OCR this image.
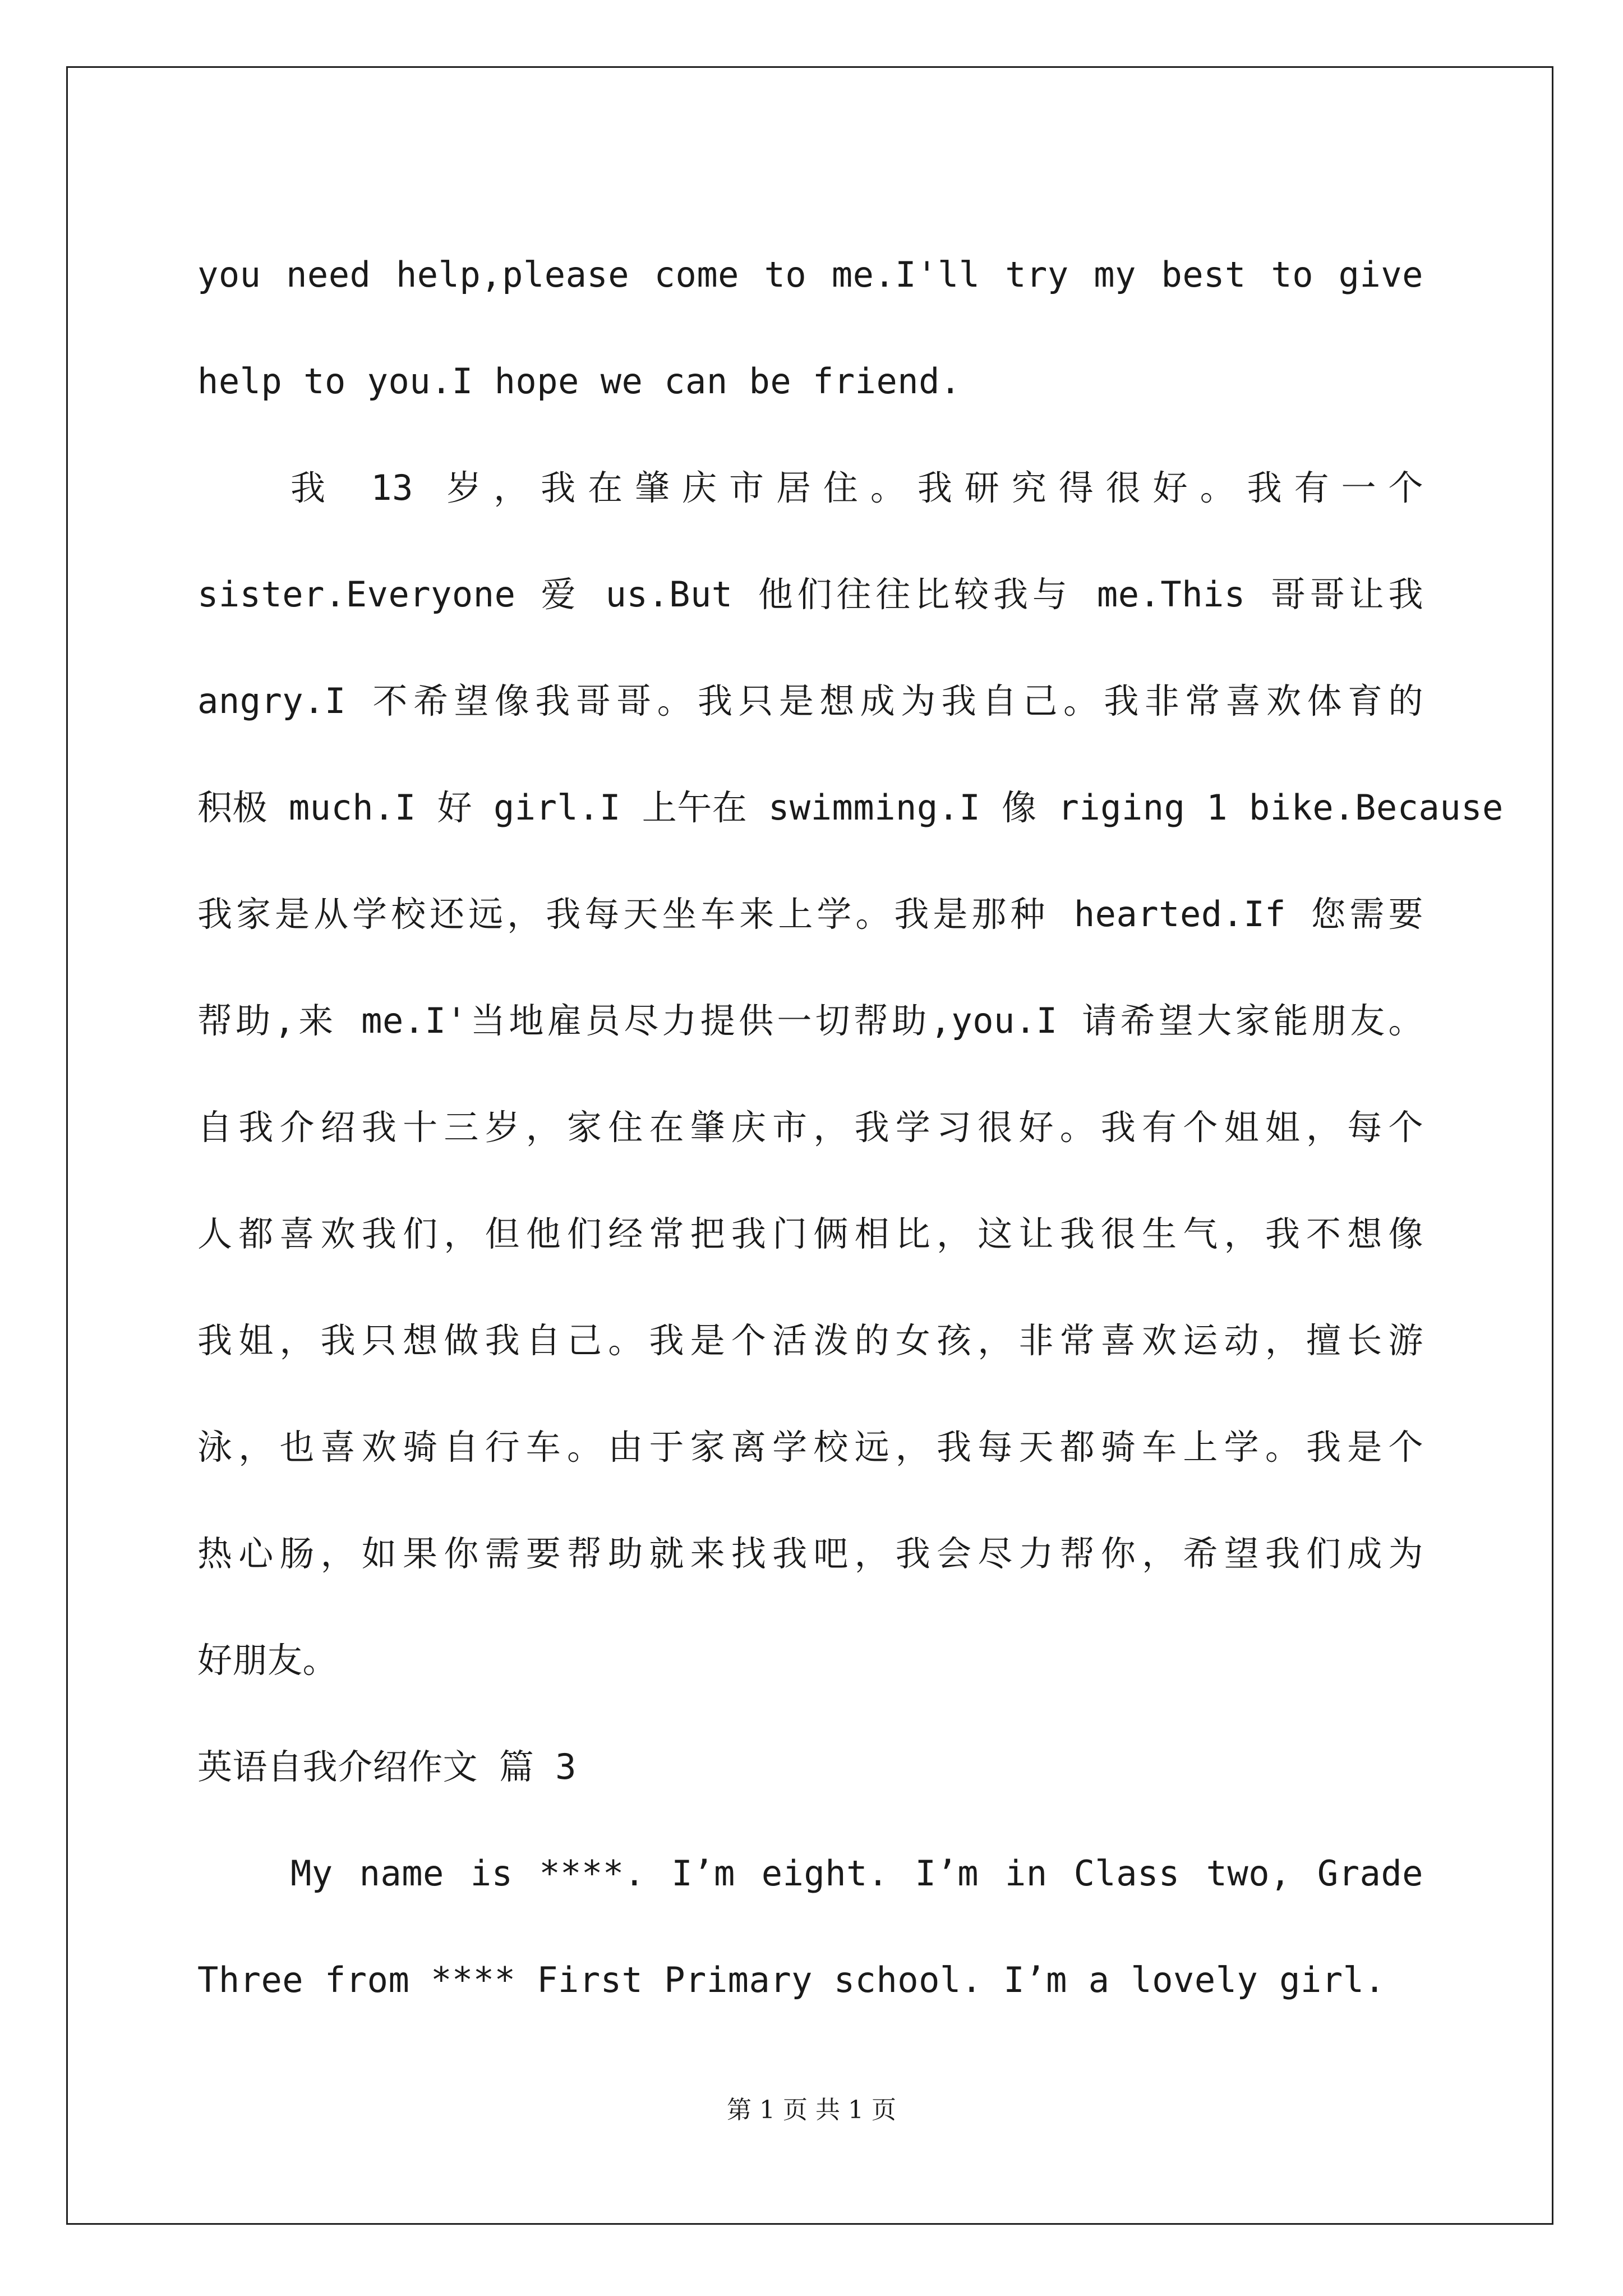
you need help,please come to me.I'll try my best to give

help to you.I hope we can be friend.

我 13 岁，我在肇庆市居住。我研究得很好。我有一个

sister.Everyone 爱 us.But 他们往往比较我与 me.This 哥哥让我

angry.I 不希望像我哥哥。我只是想成为我自己。我非常喜欢体育的

积极 much.I 好 girl.I 上午在 swimming.I 像 riging 1 bike.Because

我家是从学校还远，我每天坐车来上学。我是那种 hearted.If 您需要

帮助,来 me.I'当地雇员尽力提供一切帮助,you.I 请希望大家能朋友。

自我介绍我十三岁，家住在肇庆市，我学习很好。我有个姐姐，每个

人都喜欢我们，但他们经常把我门俩相比，这让我很生气，我不想像

我姐，我只想做我自己。我是个活泼的女孩，非常喜欢运动，擅长游

泳，也喜欢骑自行车。由于家离学校远，我每天都骑车上学。我是个

热心肠，如果你需要帮助就来找我吧，我会尽力帮你，希望我们成为

好朋友。

英语自我介绍作文 篇 3

My name is ****. I’m eight. I’m in Class two, Grade

Three from **** First Primary school. I’m a lovely girl.

第 1 页 共 1 页
